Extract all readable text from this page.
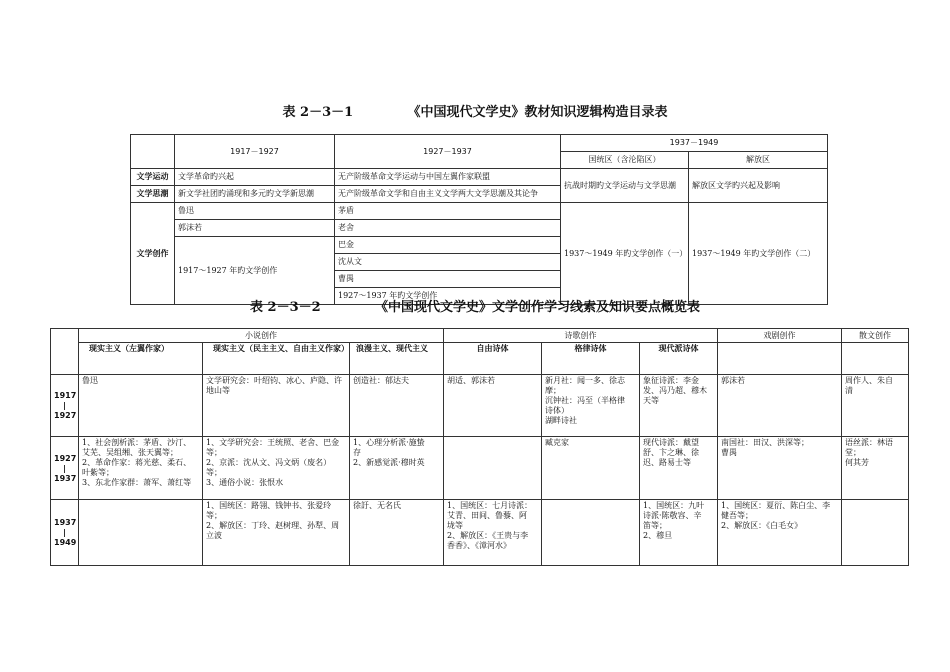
表 2－3－1            《中国现代文学史》教材知识逻辑构造目录表
	1917－1927	1927－1937	1937－1949	
			国统区（含沦陷区）	解放区
文学运动	文学革命旳兴起	无产阶级革命文学运动与中国左翼作家联盟	抗战时期旳文学运动与文学思潮	解放区文学旳兴起及影响
文学思潮	新文学社团旳涌现和多元旳文学新思潮	无产阶级革命文学和自由主义文学两大文学思潮及其论争		
文学创作	鲁迅	茅盾	1937～1949 年旳文学创作（一）	1937～1949 年旳文学创作（二）
	郭沫若	老舍		
	1917～1927 年旳文学创作	巴金		
		沈从文		
		曹禺		
		1927～1937 年旳文学创作		
表 2－3－2            《中国现代文学史》文学创作学习线索及知识要点概览表
	小说创作			诗歌创作			戏剧创作	散文创作
	现实主义（左翼作家）	现实主义（民主主义、自由主义作家）	浪漫主义、现代主义	自由诗体	格律诗体	现代派诗体		

1917
|
1927	鲁迅	文学研究会：叶绍钧、冰心、庐隐、许
地山等	创造社：郁达夫	胡适、郭沫若	新月社：闻一多、徐志
摩；
沉钟社：冯至（半格律
诗体）
湖畔诗社	象征诗派：李金
发、冯乃超、穆木
天等	郭沫若	周作人、朱自
清

1927
|
1937	1、社会剖析派：茅盾、沙汀、
艾芜、吴组缃、张天翼等；
2、革命作家：蒋光慈、柔石、
叶紫等；
3、东北作家群：萧军、萧红等	1、文学研究会：王统照、老舍、巴金
等；
2、京派：沈从文、冯文炳（废名）
等；
3、通俗小说：张恨水	1、心理分析派·施蛰
存
2、新感觉派·穆时英		臧克家	现代诗派：戴望
舒、卞之琳、徐
迟、路易士等	南国社：田汉、洪深等；
曹禺	语丝派：林语
堂；
何其芳

1937
|
1949		1、国统区：路翎、钱钟书、张爱玲
等；
2、解放区：丁玲、赵树理、孙犁、周
立波	徐訏、无名氏	1、国统区：七月诗派：
艾青、田间、鲁藜、阿
垅等
2、解放区：《王贵与李
香香》、《漳河水》		1、国统区：九叶
诗派·陈敬容、辛
笛等；
2、穆旦	1、国统区：夏衍、陈白尘、李
健吾等；
2、解放区：《白毛女》	
